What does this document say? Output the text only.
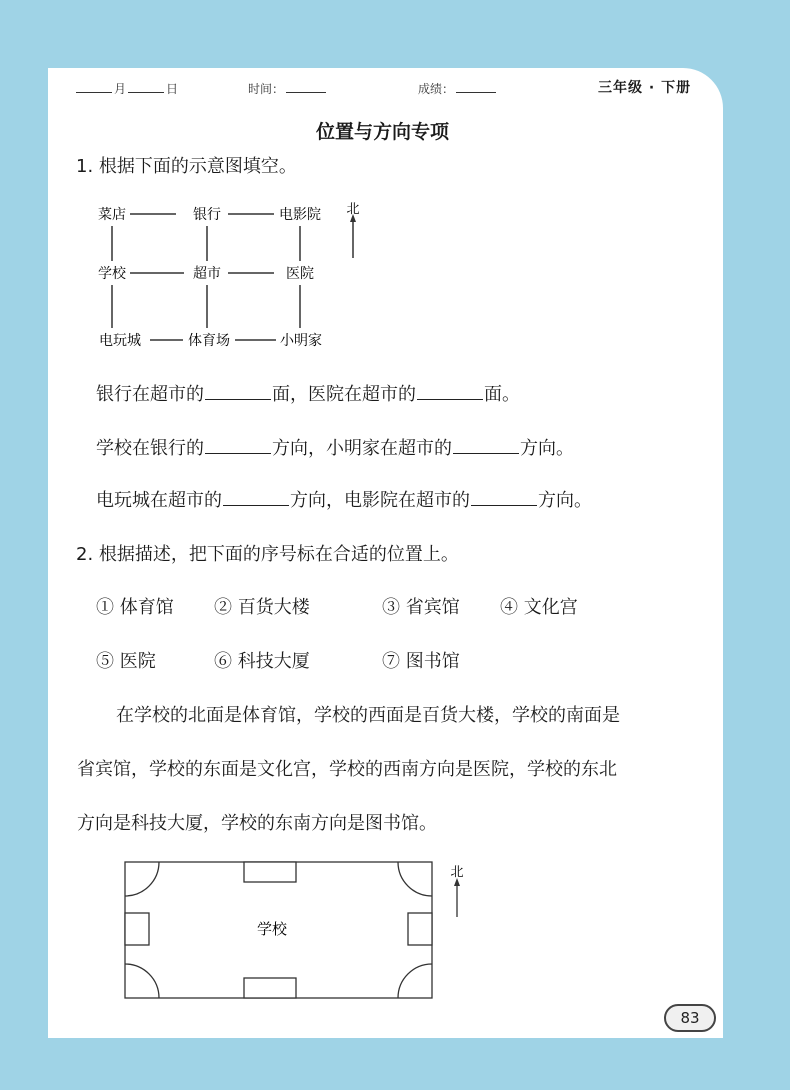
月	日	时间：	成绩：	三年级 · 下册
位置与方向专项
1. 根据下面的示意图填空。
北
菜店	银行	电影院
学校	超市	医院
电玩城	体育场	小明家
银行在超市的	面，医院在超市的	面。
学校在银行的	方向，小明家在超市的	方向。
电玩城在超市的	方向，电影院在超市的	方向。
2. 根据描述，把下面的序号标在合适的位置上。
① 体育馆 ② 百货大楼	③ 省宾馆 ④ 文化宫
⑤ 医院	⑥ 科技大厦	⑦ 图书馆
在学校的北面是体育馆，学校的西面是百货大楼，学校的南面是
省宾馆，学校的东面是文化宫，学校的西南方向是医院，学校的东北
方向是科技大厦，学校的东南方向是图书馆。
北
学校
83
